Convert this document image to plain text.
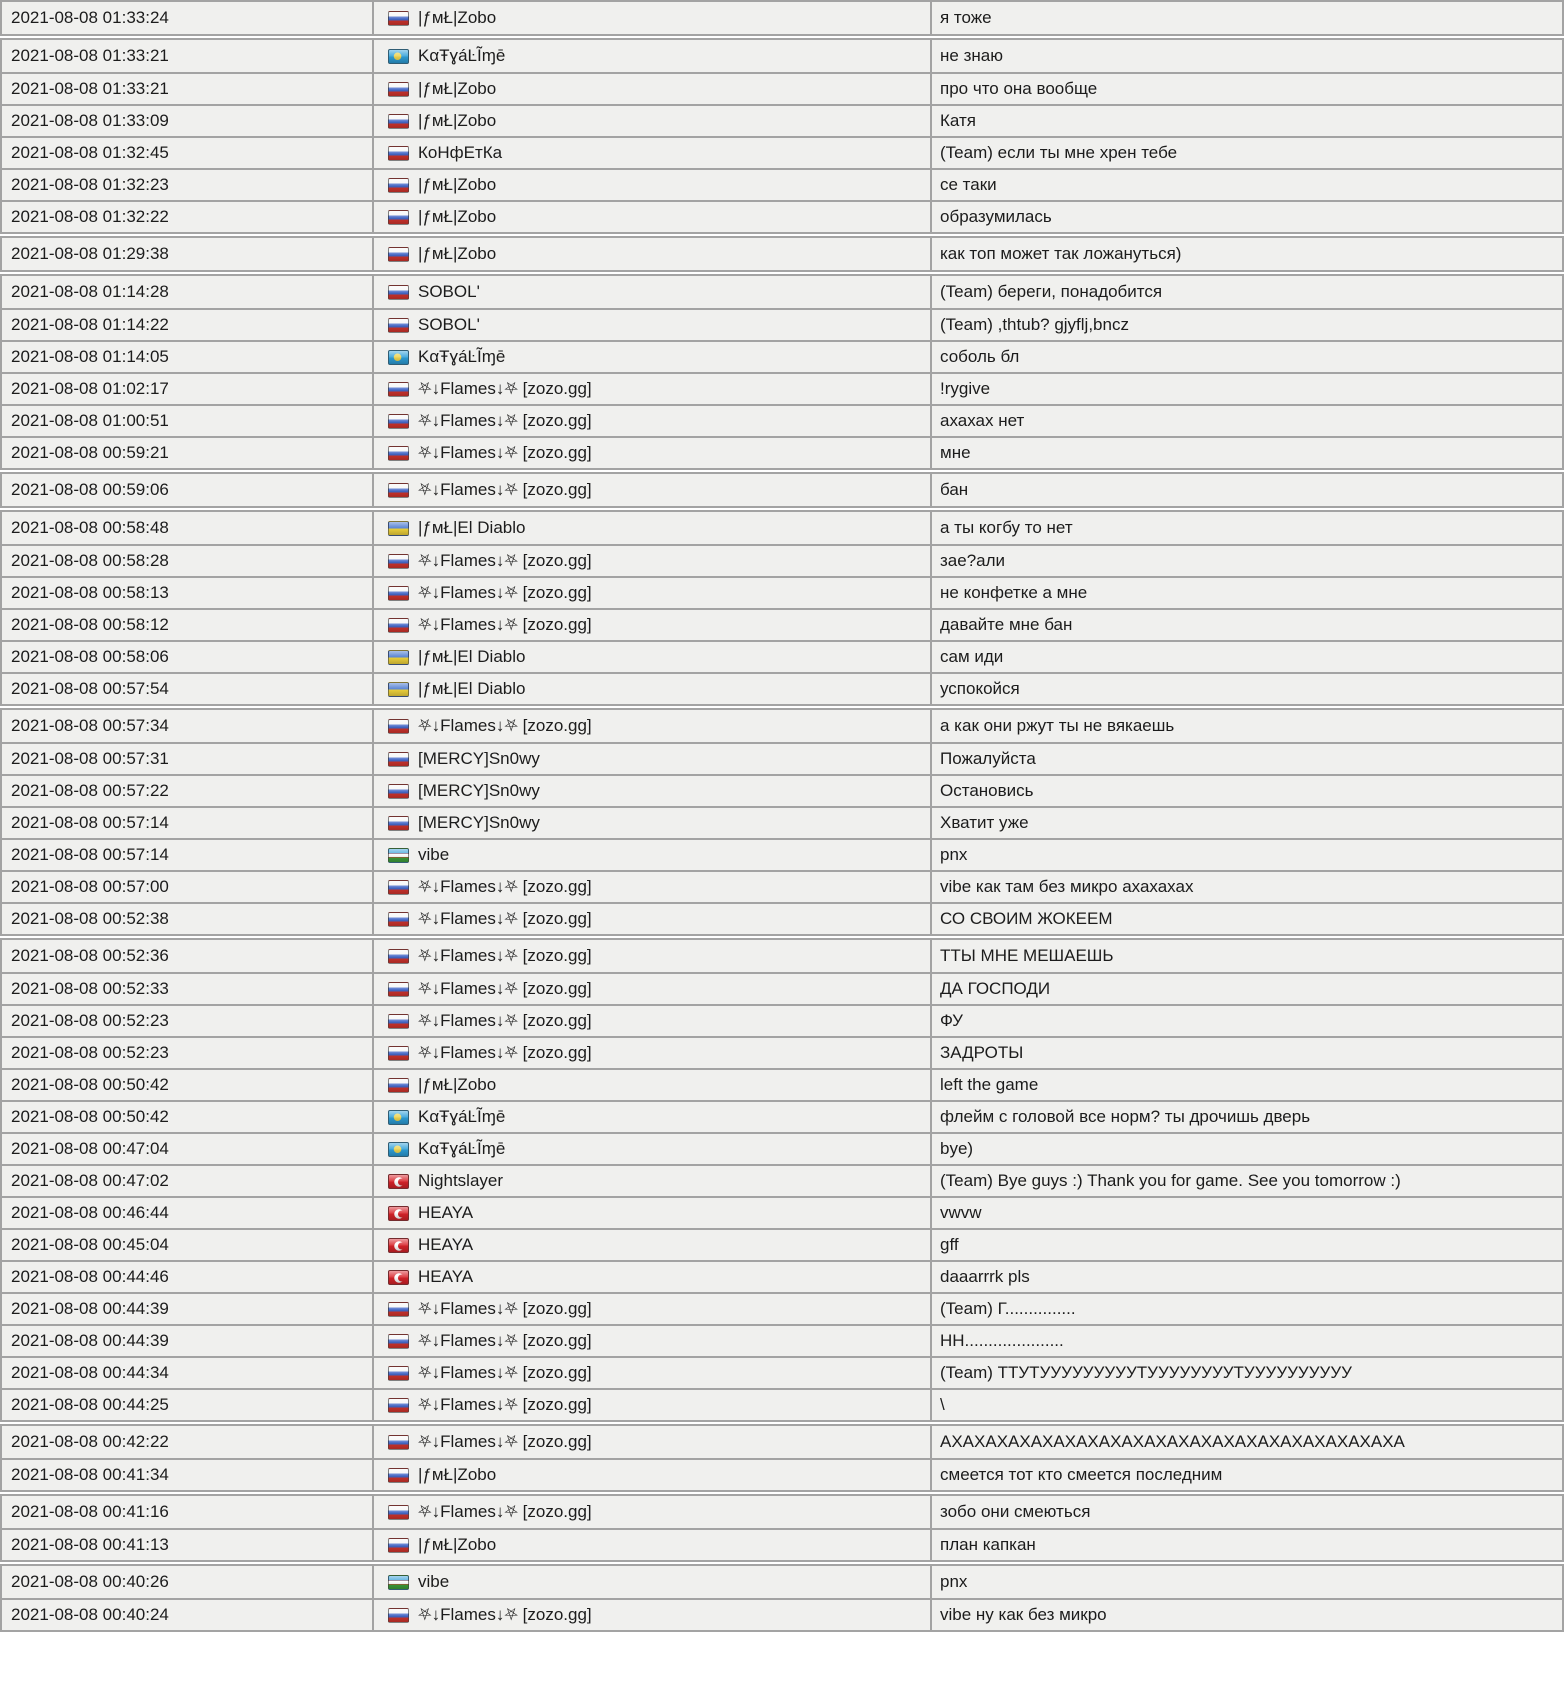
2021-08-08 01:33:24	|ƒмŁ|Zobo	я тоже
2021-08-08 01:33:21	KαŦɣáĿĨɱē	не знаю
2021-08-08 01:33:21	|ƒмŁ|Zobo	про что она вообще
2021-08-08 01:33:09	|ƒмŁ|Zobo	Катя
2021-08-08 01:32:45	КоНфЕтКа	(Team) если ты мне хрен тебе
2021-08-08 01:32:23	|ƒмŁ|Zobo	се таки
2021-08-08 01:32:22	|ƒмŁ|Zobo	образумилась
2021-08-08 01:29:38	|ƒмŁ|Zobo	как топ может так ложануться)
2021-08-08 01:14:28	SOBOL'	(Team) береги, понадобится
2021-08-08 01:14:22	SOBOL'	(Team) ,thtub? gjyflj,bncz
2021-08-08 01:14:05	KαŦɣáĿĨɱē	соболь бл
2021-08-08 01:02:17	⛧↓Flames↓⛧ [zozo.gg]	!rygive
2021-08-08 01:00:51	⛧↓Flames↓⛧ [zozo.gg]	ахахах нет
2021-08-08 00:59:21	⛧↓Flames↓⛧ [zozo.gg]	мне
2021-08-08 00:59:06	⛧↓Flames↓⛧ [zozo.gg]	бан
2021-08-08 00:58:48	|ƒмŁ|El Diablo	а ты когбу то нет
2021-08-08 00:58:28	⛧↓Flames↓⛧ [zozo.gg]	зае?али
2021-08-08 00:58:13	⛧↓Flames↓⛧ [zozo.gg]	не конфетке а мне
2021-08-08 00:58:12	⛧↓Flames↓⛧ [zozo.gg]	давайте мне бан
2021-08-08 00:58:06	|ƒмŁ|El Diablo	сам иди
2021-08-08 00:57:54	|ƒмŁ|El Diablo	успокойся
2021-08-08 00:57:34	⛧↓Flames↓⛧ [zozo.gg]	а как они ржут ты не вякаешь
2021-08-08 00:57:31	[MERCY]Sn0wy	Пожалуйста
2021-08-08 00:57:22	[MERCY]Sn0wy	Остановись
2021-08-08 00:57:14	[MERCY]Sn0wy	Хватит уже
2021-08-08 00:57:14	vibe	pnx
2021-08-08 00:57:00	⛧↓Flames↓⛧ [zozo.gg]	vibe как там без микро ахахахах
2021-08-08 00:52:38	⛧↓Flames↓⛧ [zozo.gg]	СО СВОИМ ЖОКЕЕМ
2021-08-08 00:52:36	⛧↓Flames↓⛧ [zozo.gg]	ТТЫ МНЕ МЕШАЕШЬ
2021-08-08 00:52:33	⛧↓Flames↓⛧ [zozo.gg]	ДА ГОСПОДИ
2021-08-08 00:52:23	⛧↓Flames↓⛧ [zozo.gg]	ФУ
2021-08-08 00:52:23	⛧↓Flames↓⛧ [zozo.gg]	ЗАДРОТЫ
2021-08-08 00:50:42	|ƒмŁ|Zobo	left the game
2021-08-08 00:50:42	KαŦɣáĿĨɱē	флейм с головой все норм? ты дрочишь дверь
2021-08-08 00:47:04	KαŦɣáĿĨɱē	bye)
2021-08-08 00:47:02	Nightslayer	(Team) Bye guys :) Thank you for game. See you tomorrow :)
2021-08-08 00:46:44	HEAYA	vwvw
2021-08-08 00:45:04	HEAYA	gff
2021-08-08 00:44:46	HEAYA	daaarrrk pls
2021-08-08 00:44:39	⛧↓Flames↓⛧ [zozo.gg]	(Team) Г...............
2021-08-08 00:44:39	⛧↓Flames↓⛧ [zozo.gg]	НН.....................
2021-08-08 00:44:34	⛧↓Flames↓⛧ [zozo.gg]	(Team) ТТУТУУУУУУУУУТУУУУУУУУТУУУУУУУУУУ
2021-08-08 00:44:25	⛧↓Flames↓⛧ [zozo.gg]	\
2021-08-08 00:42:22	⛧↓Flames↓⛧ [zozo.gg]	АХАХАХАХАХАХАХАХАХАХАХАХАХАХАХАХАХАХАХАХА
2021-08-08 00:41:34	|ƒмŁ|Zobo	смеется тот кто смеется последним
2021-08-08 00:41:16	⛧↓Flames↓⛧ [zozo.gg]	зобо они смеються
2021-08-08 00:41:13	|ƒмŁ|Zobo	план капкан
2021-08-08 00:40:26	vibe	pnx
2021-08-08 00:40:24	⛧↓Flames↓⛧ [zozo.gg]	vibe ну как без микро
